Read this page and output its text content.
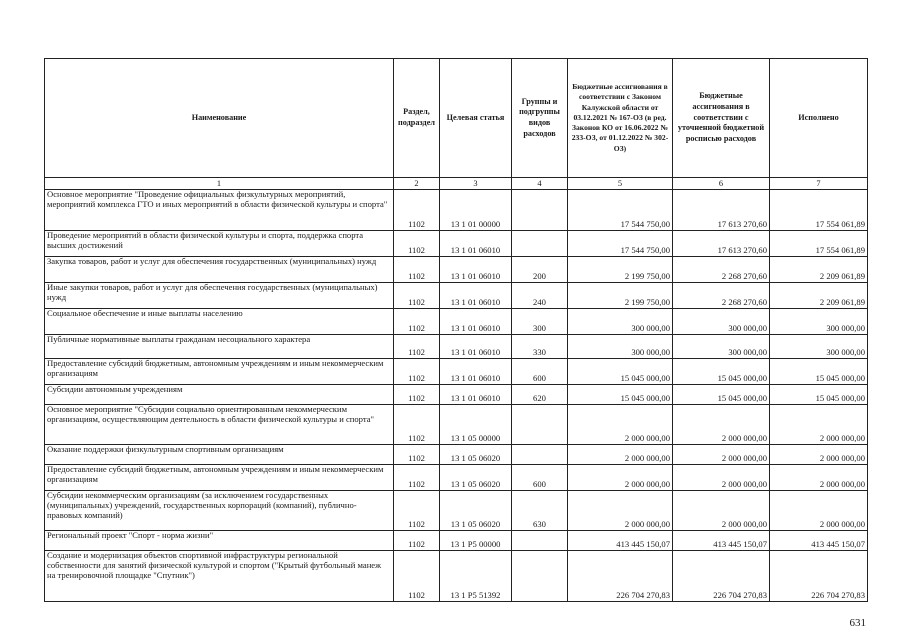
Наименование	Раздел, подраздел	Целевая статья	Группы и подгруппы видов расходов	Бюджетные ассигнования в соответствии с Законом Калужской области от 03.12.2021 № 167-ОЗ (в ред. Законов КО от 16.06.2022 № 233-ОЗ, от 01.12.2022 № 302-ОЗ)	Бюджетные ассигнования в соответствии с уточненной бюджетной росписью расходов	Исполнено
1	2	3	4	5	6	7
Основное мероприятие "Проведение официальных физкультурных мероприятий, мероприятий комплекса ГТО и иных мероприятий в области физической культуры и спорта"	1102	13 1 01 00000		17 544 750,00	17 613 270,60	17 554 061,89
Проведение мероприятий в области физической культуры и спорта, поддержка спорта высших достижений	1102	13 1 01 06010		17 544 750,00	17 613 270,60	17 554 061,89
Закупка товаров, работ и услуг для обеспечения государственных (муниципальных) нужд	1102	13 1 01 06010	200	2 199 750,00	2 268 270,60	2 209 061,89
Иные закупки товаров, работ и услуг для обеспечения государственных (муниципальных) нужд	1102	13 1 01 06010	240	2 199 750,00	2 268 270,60	2 209 061,89
Социальное обеспечение и иные выплаты населению	1102	13 1 01 06010	300	300 000,00	300 000,00	300 000,00
Публичные нормативные выплаты гражданам несоциального характера	1102	13 1 01 06010	330	300 000,00	300 000,00	300 000,00
Предоставление субсидий бюджетным, автономным учреждениям и иным некоммерческим организациям	1102	13 1 01 06010	600	15 045 000,00	15 045 000,00	15 045 000,00
Субсидии автономным учреждениям	1102	13 1 01 06010	620	15 045 000,00	15 045 000,00	15 045 000,00
Основное мероприятие "Субсидии социально ориентированным некоммерческим организациям, осуществляющим деятельность в области физической культуры и спорта"	1102	13 1 05 00000		2 000 000,00	2 000 000,00	2 000 000,00
Оказание поддержки физкультурным спортивным организациям	1102	13 1 05 06020		2 000 000,00	2 000 000,00	2 000 000,00
Предоставление субсидий бюджетным, автономным учреждениям и иным некоммерческим организациям	1102	13 1 05 06020	600	2 000 000,00	2 000 000,00	2 000 000,00
Субсидии некоммерческим организациям (за исключением государственных (муниципальных) учреждений, государственных корпораций (компаний), публично-правовых компаний)	1102	13 1 05 06020	630	2 000 000,00	2 000 000,00	2 000 000,00
Региональный проект "Спорт - норма жизни"	1102	13 1 P5 00000		413 445 150,07	413 445 150,07	413 445 150,07
Создание и модернизация объектов спортивной инфраструктуры региональной собственности для занятий физической культурой и спортом ("Крытый футбольный манеж на тренировочной площадке "Спутник")	1102	13 1 P5 51392		226 704 270,83	226 704 270,83	226 704 270,83
631
